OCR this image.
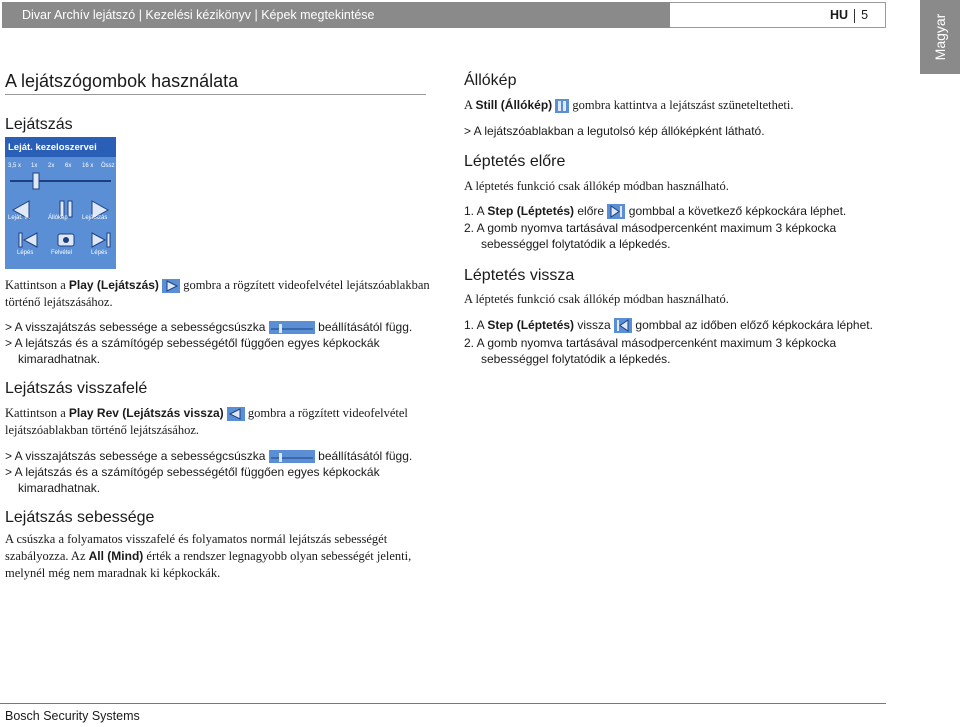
Divar Archív lejátszó | Kezelési kézikönyv | Képek megtekintése	HU 5	Magyar
A lejátszógombok használata
Lejátszás
Leját. kezeloszervei
3,5 x 1x 2x 6x 16 x Össz
Leját. vi.	Állókép Lejátszás
Lépés	Felvétel	Lépés
Kattintson a Play (Lejátszás) gombra a rögzített videofelvétel lejátszóablakban
történő lejátszásához.
> A visszajátszás sebessége a sebességcsúszka	beállításától függ.
> A lejátszás és a számítógép sebességétől függően egyes képkockák
kimaradhatnak.
Lejátszás visszafelé
Kattintson a Play Rev (Lejátszás vissza) gombra a rögzített videofelvétel
lejátszóablakban történő lejátszásához.
> A visszajátszás sebessége a sebességcsúszka	beállításától függ.
> A lejátszás és a számítógép sebességétől függően egyes képkockák
kimaradhatnak.
Lejátszás sebessége
A csúszka a folyamatos visszafelé és folyamatos normál lejátszás sebességét
szabályozza. Az All (Mind) érték a rendszer legnagyobb olyan sebességét jelenti,
melynél még nem maradnak ki képkockák.
Állókép
A Still (Állókép) gombra kattintva a lejátszást szüneteltetheti.
> A lejátszóablakban a legutolsó kép állóképként látható.
Léptetés előre
A léptetés funkció csak állókép módban használható.
1. A Step (Léptetés) előre gombbal a következő képkockára léphet.
2. A gomb nyomva tartásával másodpercenként maximum 3 képkocka
sebességgel folytatódik a lépkedés.
Léptetés vissza
A léptetés funkció csak állókép módban használható.
1. A Step (Léptetés) vissza gombbal az időben előző képkockára léphet.
2. A gomb nyomva tartásával másodpercenként maximum 3 képkocka
sebességgel folytatódik a lépkedés.
Bosch Security Systems
